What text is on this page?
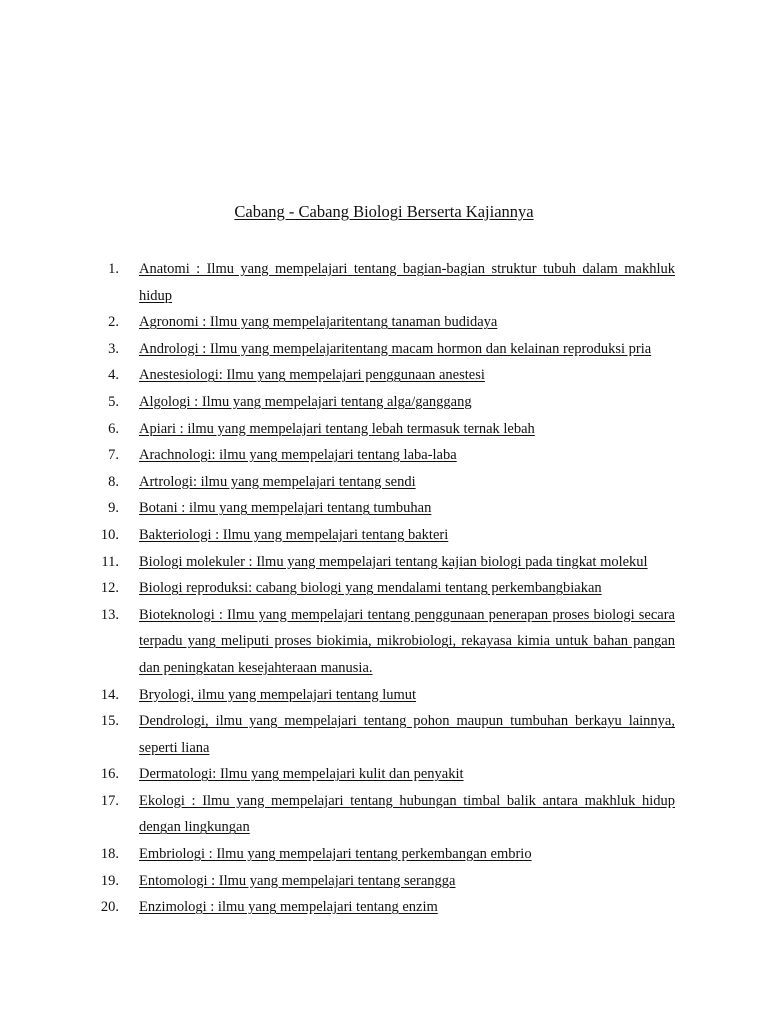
Cabang - Cabang Biologi Berserta Kajiannya
1. Anatomi : Ilmu yang mempelajari tentang bagian-bagian struktur tubuh dalam makhluk hidup
2. Agronomi : Ilmu yang mempelajaritentang tanaman budidaya
3. Andrologi : Ilmu yang mempelajaritentang macam hormon dan kelainan reproduksi pria
4. Anestesiologi: Ilmu yang mempelajari penggunaan anestesi
5. Algologi : Ilmu yang mempelajari tentang alga/ganggang
6. Apiari : ilmu yang mempelajari tentang lebah termasuk ternak lebah
7. Arachnologi: ilmu yang mempelajari tentang laba-laba
8. Artrologi: ilmu yang mempelajari tentang sendi
9. Botani : ilmu yang mempelajari tentang tumbuhan
10. Bakteriologi : Ilmu yang mempelajari tentang bakteri
11. Biologi molekuler : Ilmu yang mempelajari tentang kajian biologi pada tingkat molekul
12. Biologi reproduksi: cabang biologi yang mendalami tentang perkembangbiakan
13. Bioteknologi : Ilmu yang mempelajari tentang penggunaan penerapan proses biologi secara terpadu yang meliputi proses biokimia, mikrobiologi, rekayasa kimia untuk bahan pangan dan peningkatan kesejahteraan manusia.
14. Bryologi, ilmu yang mempelajari tentang lumut
15. Dendrologi, ilmu yang mempelajari tentang pohon maupun tumbuhan berkayu lainnya, seperti liana
16. Dermatologi: Ilmu yang mempelajari kulit dan penyakit
17. Ekologi : Ilmu yang mempelajari tentang hubungan timbal balik antara makhluk hidup dengan lingkungan
18. Embriologi : Ilmu yang mempelajari tentang perkembangan embrio
19. Entomologi : Ilmu yang mempelajari tentang serangga
20. Enzimologi : ilmu yang mempelajari tentang enzim
